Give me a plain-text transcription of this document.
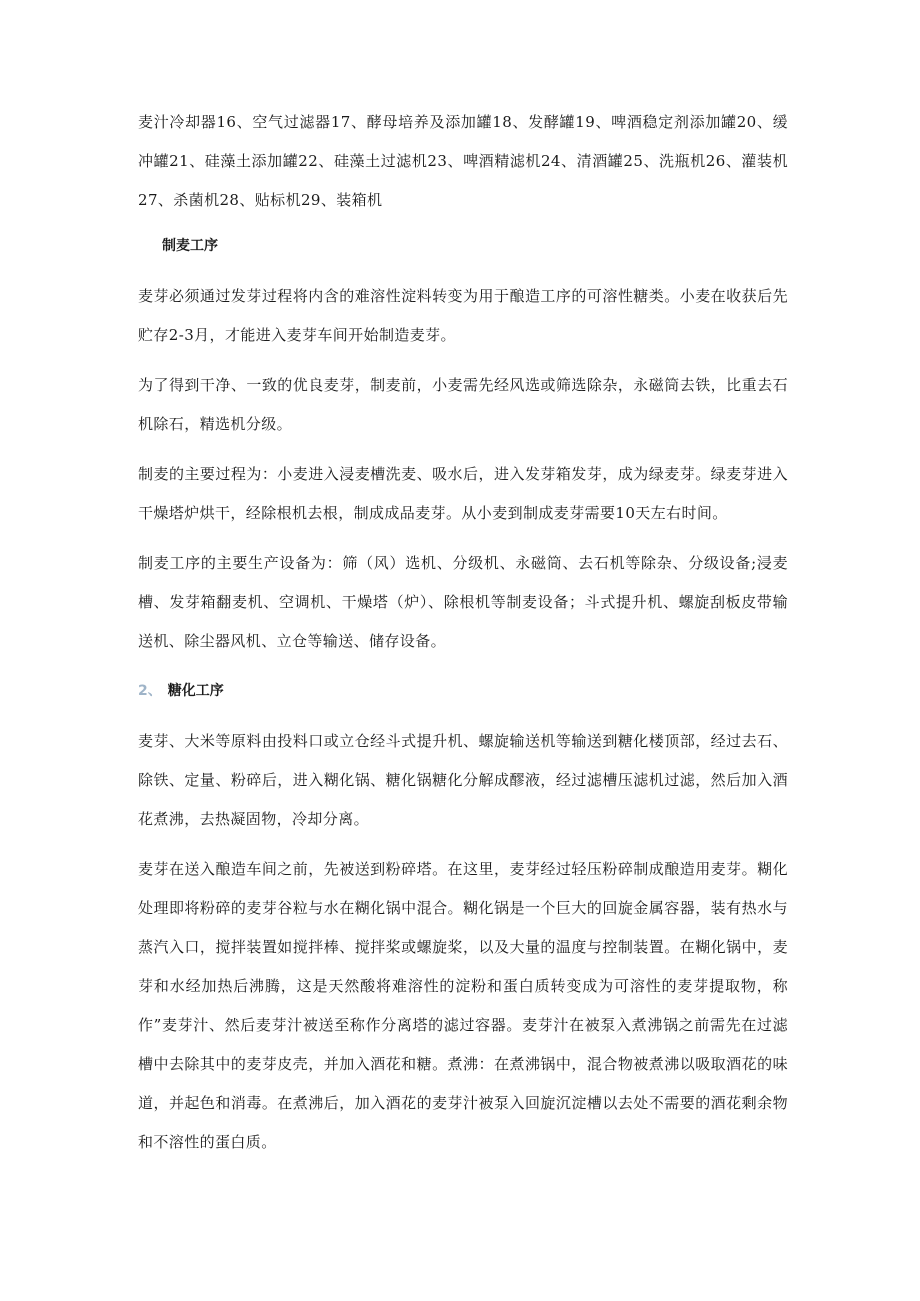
麦汁冷却器16、空气过滤器17、酵母培养及添加罐18、发酵罐19、啤酒稳定剂添加罐20、缓冲罐21、硅藻土添加罐22、硅藻土过滤机23、啤酒精滤机24、清酒罐25、洗瓶机26、灌装机27、杀菌机28、贴标机29、装箱机

制麦工序

麦芽必须通过发芽过程将内含的难溶性淀料转变为用于酿造工序的可溶性糖类。小麦在收获后先贮存2-3月，才能进入麦芽车间开始制造麦芽。

为了得到干净、一致的优良麦芽，制麦前，小麦需先经风选或筛选除杂，永磁筒去铁，比重去石机除石，精选机分级。

制麦的主要过程为：小麦进入浸麦槽洗麦、吸水后，进入发芽箱发芽，成为绿麦芽。绿麦芽进入干燥塔炉烘干，经除根机去根，制成成品麦芽。从小麦到制成麦芽需要10天左右时间。

制麦工序的主要生产设备为：筛（风）选机、分级机、永磁筒、去石机等除杂、分级设备;浸麦槽、发芽箱翻麦机、空调机、干燥塔（炉）、除根机等制麦设备；斗式提升机、螺旋刮板皮带输送机、除尘器风机、立仓等输送、储存设备。

2、 糖化工序

麦芽、大米等原料由投料口或立仓经斗式提升机、螺旋输送机等输送到糖化楼顶部，经过去石、除铁、定量、粉碎后，进入糊化锅、糖化锅糖化分解成醪液，经过滤槽压滤机过滤，然后加入酒花煮沸，去热凝固物，冷却分离。

麦芽在送入酿造车间之前，先被送到粉碎塔。在这里，麦芽经过轻压粉碎制成酿造用麦芽。糊化处理即将粉碎的麦芽谷粒与水在糊化锅中混合。糊化锅是一个巨大的回旋金属容器，装有热水与蒸汽入口，搅拌装置如搅拌棒、搅拌桨或螺旋桨，以及大量的温度与控制装置。在糊化锅中，麦芽和水经加热后沸腾，这是天然酸将难溶性的淀粉和蛋白质转变成为可溶性的麦芽提取物，称作”麦芽汁、然后麦芽汁被送至称作分离塔的滤过容器。麦芽汁在被泵入煮沸锅之前需先在过滤槽中去除其中的麦芽皮壳，并加入酒花和糖。煮沸：在煮沸锅中，混合物被煮沸以吸取酒花的味道，并起色和消毒。在煮沸后，加入酒花的麦芽汁被泵入回旋沉淀槽以去处不需要的酒花剩余物和不溶性的蛋白质。
